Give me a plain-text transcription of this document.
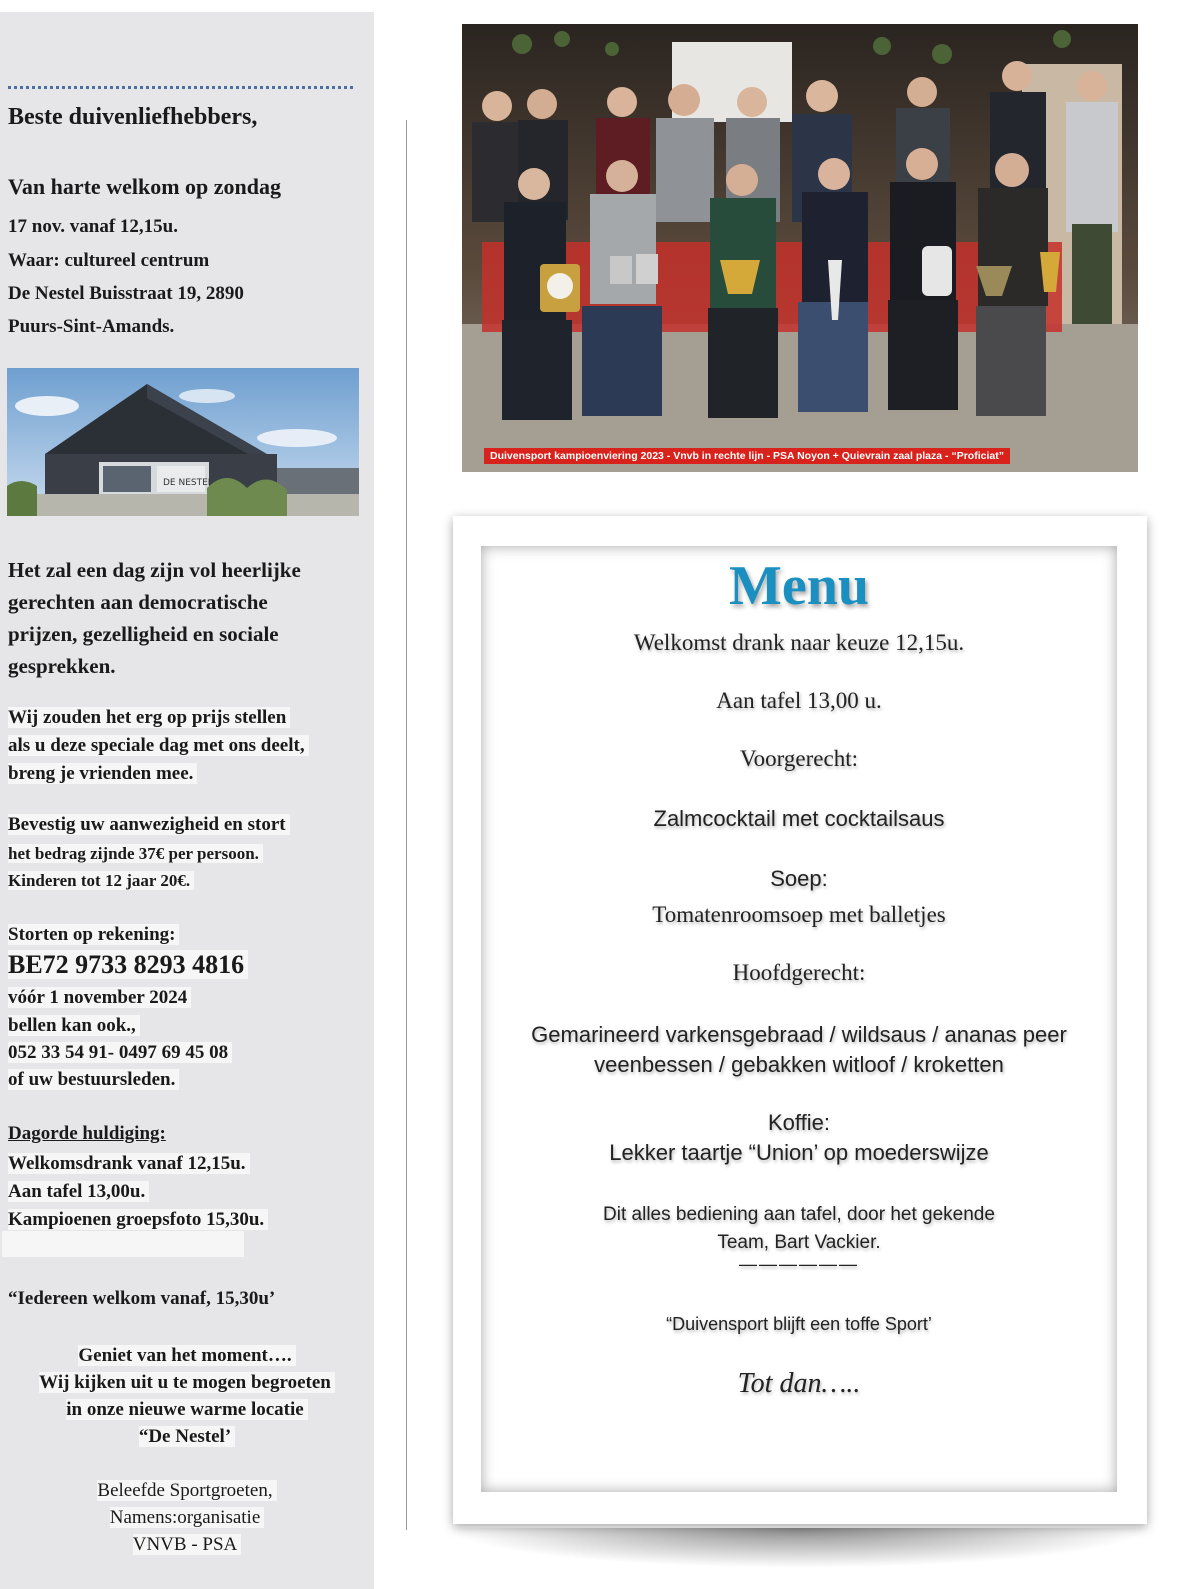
Beste duivenliefhebbers,
Van harte welkom op zondag
17 nov. vanaf 12,15u.
Waar: cultureel centrum
De Nestel Buisstraat 19, 2890
Puurs-Sint-Amands.
DE NESTEL
Het zal een dag zijn vol heerlijke
gerechten aan democratische
prijzen, gezelligheid en sociale
gesprekken.
Wij zouden het erg op prijs stellen
als u deze speciale dag met ons deelt,
breng je vrienden mee.
Bevestig uw aanwezigheid en stort
het bedrag zijnde 37€ per persoon.
Kinderen tot 12 jaar 20€.
Storten op rekening:
BE72 9733 8293 4816
vóór 1 november 2024
bellen kan ook.,
052 33 54 91- 0497 69 45 08
of uw bestuursleden.
Dagorde huldiging:
Welkomsdrank vanaf 12,15u.
Aan tafel 13,00u.
Kampioenen groepsfoto 15,30u.
“Iedereen welkom vanaf, 15,30u’
Geniet van het moment….
Wij kijken uit u te mogen begroeten
in onze nieuwe warme locatie
“De Nestel’
Beleefde Sportgroeten,
Namens:organisatie
VNVB - PSA
Duivensport kampioenviering 2023 - Vnvb in rechte lijn - PSA Noyon + Quievrain zaal plaza - “Proficiat”
Menu
Welkomst drank naar keuze 12,15u.
Aan tafel 13,00 u.
Voorgerecht:
Zalmcocktail met cocktailsaus
Soep:
Tomatenroomsoep met balletjes
Hoofdgerecht:
Gemarineerd varkensgebraad / wildsaus / ananas peer
veenbessen / gebakken witloof / kroketten
Koffie:
Lekker taartje “Union’ op moederswijze
Dit alles bediening aan tafel, door het gekende
Team, Bart Vackier.
——————
“Duivensport blijft een toffe Sport’
Tot dan…..
